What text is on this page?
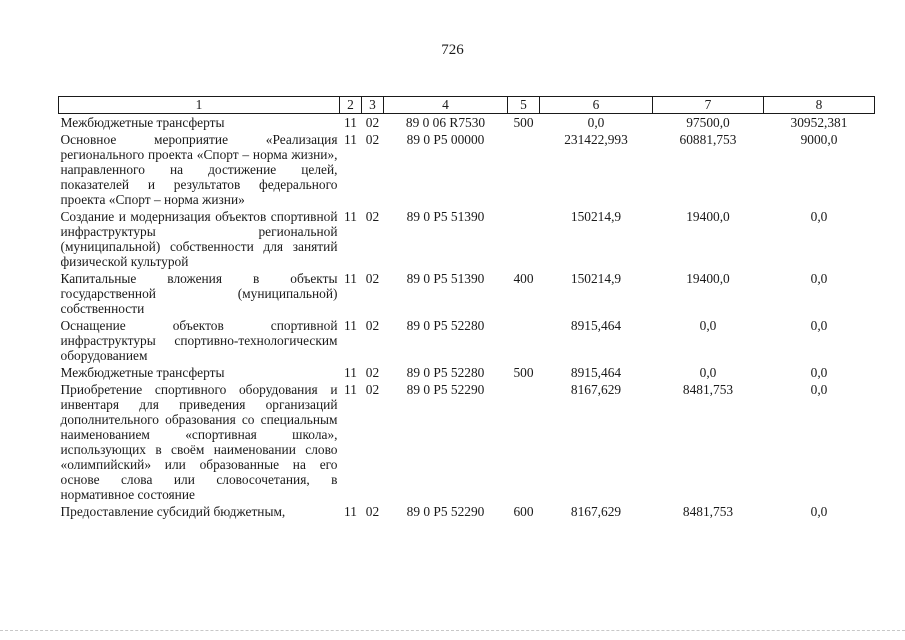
726
1	2	3	4	5	6	7	8
Межбюджетные трансферты	11	02	89 0 06 R7530	500	0,0	97500,0	30952,381
Основное мероприятие «Реализация регионального проекта «Спорт – норма жизни», направленного на достижение целей, показателей и результатов федерального проекта «Спорт – норма жизни»	11	02	89 0 P5 00000		231422,993	60881,753	9000,0
Создание и модернизация объектов спортивной инфраструктуры региональной (муниципальной) собственности для занятий физической культурой	11	02	89 0 P5 51390		150214,9	19400,0	0,0
Капитальные вложения в объекты государственной (муниципальной) собственности	11	02	89 0 P5 51390	400	150214,9	19400,0	0,0
Оснащение объектов спортивной инфраструктуры спортивно-технологическим оборудованием	11	02	89 0 P5 52280		8915,464	0,0	0,0
Межбюджетные трансферты	11	02	89 0 P5 52280	500	8915,464	0,0	0,0
Приобретение спортивного оборудования и инвентаря для приведения организаций дополнительного образования со специальным наименованием «спортивная школа», использующих в своём наименовании слово «олимпийский» или образованные на его основе слова или словосочетания, в нормативное состояние	11	02	89 0 P5 52290		8167,629	8481,753	0,0
Предоставление субсидий бюджетным,	11	02	89 0 P5 52290	600	8167,629	8481,753	0,0
